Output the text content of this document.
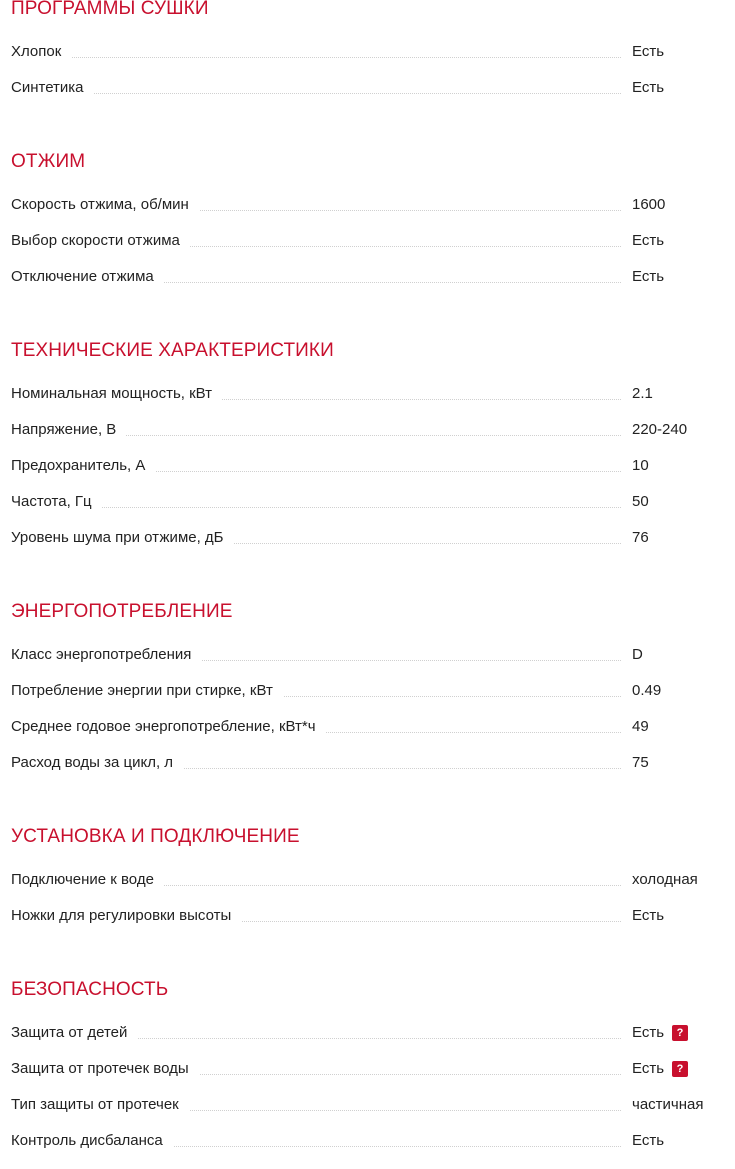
ПРОГРАММЫ СУШКИ
Хлопок	Есть
Синтетика	Есть
ОТЖИМ
Скорость отжима, об/мин	1600
Выбор скорости отжима	Есть
Отключение отжима	Есть
ТЕХНИЧЕСКИЕ ХАРАКТЕРИСТИКИ
Номинальная мощность, кВт	2.1
Напряжение, В	220-240
Предохранитель, А	10
Частота, Гц	50
Уровень шума при отжиме, дБ	76
ЭНЕРГОПОТРЕБЛЕНИЕ
Класс энергопотребления	D
Потребление энергии при стирке, кВт	0.49
Среднее годовое энергопотребление, кВт*ч	49
Расход воды за цикл, л	75
УСТАНОВКА И ПОДКЛЮЧЕНИЕ
Подключение к воде	холодная
Ножки для регулировки высоты	Есть
БЕЗОПАСНОСТЬ
Защита от детей	Есть ?
Защита от протечек воды	Есть ?
Тип защиты от протечек	частичная
Контроль дисбаланса	Есть
